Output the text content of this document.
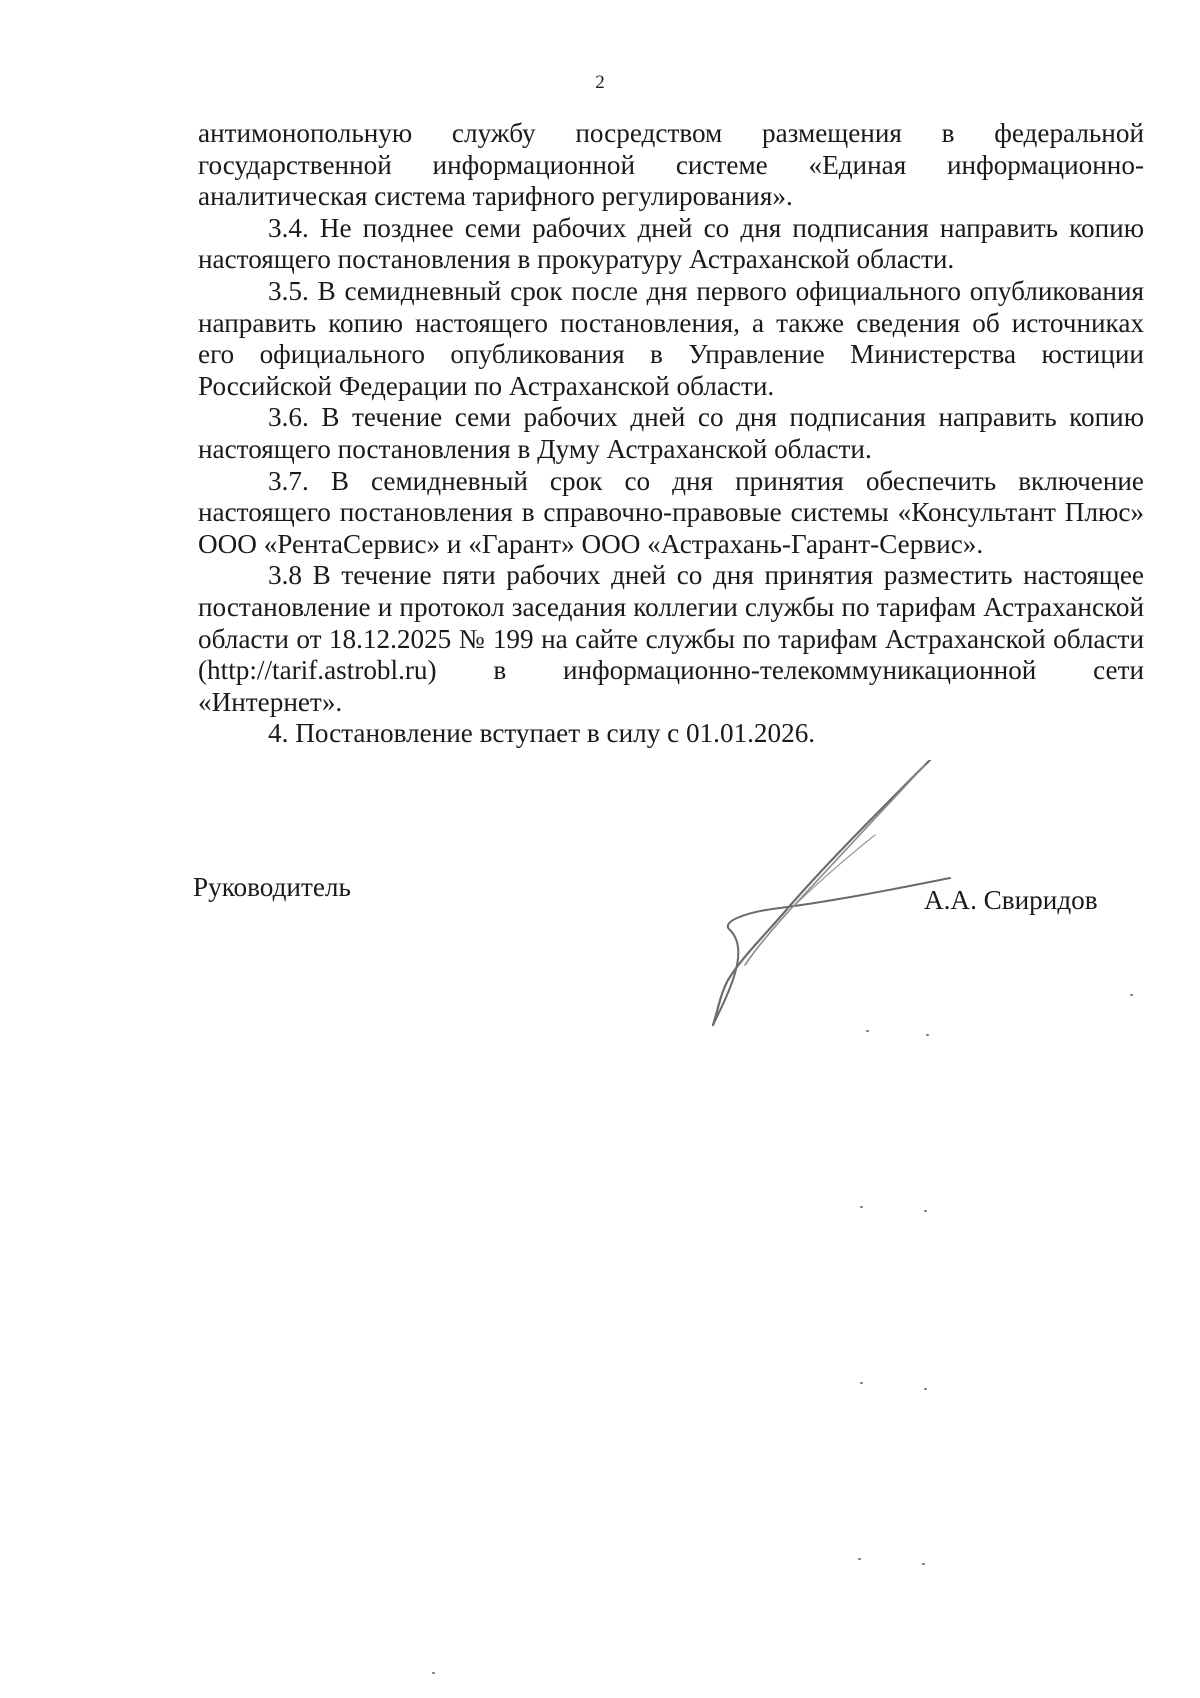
2

антимонопольную службу посредством размещения в федеральной государственной информационной системе «Единая информационно-аналитическая система тарифного регулирования».

3.4. Не позднее семи рабочих дней со дня подписания направить копию настоящего постановления в прокуратуру Астраханской области.

3.5. В семидневный срок после дня первого официального опубликования направить копию настоящего постановления, а также сведения об источниках его официального опубликования в Управление Министерства юстиции Российской Федерации по Астраханской области.

3.6. В течение семи рабочих дней со дня подписания направить копию настоящего постановления в Думу Астраханской области.

3.7. В семидневный срок со дня принятия обеспечить включение настоящего постановления в справочно-правовые системы «Консультант Плюс» ООО «РентаСервис» и «Гарант» ООО «Астрахань-Гарант-Сервис».

3.8 В течение пяти рабочих дней со дня принятия разместить настоящее постановление и протокол заседания коллегии службы по тарифам Астраханской области от 18.12.2025 № 199 на сайте службы по тарифам Астраханской области (http://tarif.astrobl.ru) в информационно-телекоммуникационной сети «Интернет».

4. Постановление вступает в силу с 01.01.2026.

Руководитель	А.А. Свиридов
